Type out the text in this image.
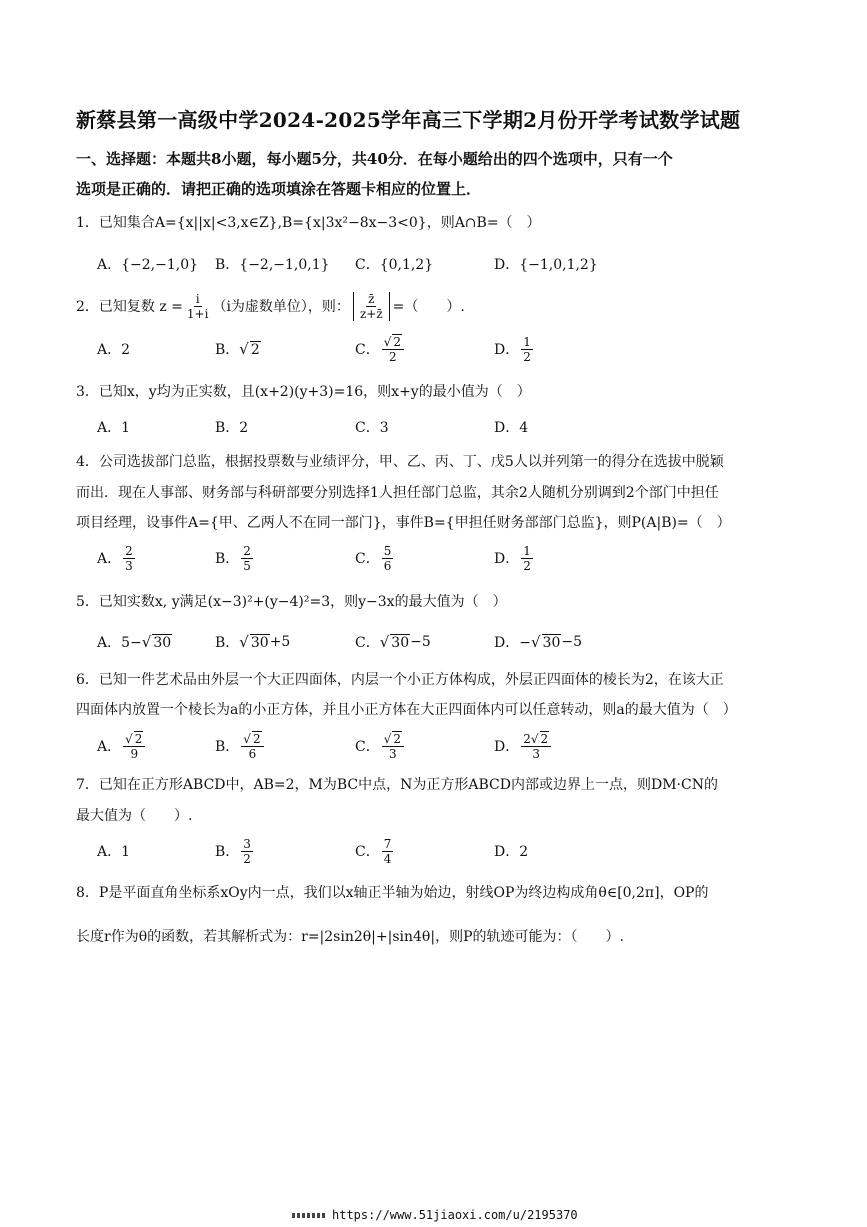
新蔡县第一高级中学2024-2025学年高三下学期2月份开学考试数学试题
一、选择题：本题共8小题，每小题5分，共40分．在每小题给出的四个选项中，只有一个
选项是正确的．请把正确的选项填涂在答题卡相应的位置上．
1．已知集合A={x||x|<3,x∈Z},B={x|3x²−8x−3<0}，则A∩B=（　）
A．{−2,−1,0} B．{−2,−1,0,1} C．{0,1,2}	D．{−1,0,1,2}
2．已知复数 $z = \frac{i}{1+i} (i$为虚数单位），则： $\frac{z̄}{z+z̄}$ =（　　）.
A．2	B． √ 2	C． $\frac{√ 2}{2}$	D． $\frac{1}{2}$
3．已知x，y均为正实数，且(x+2)(y+3)=16，则x+y的最小值为（　）
A．1	B．2	C．3	D．4
4．公司选拔部门总监，根据投票数与业绩评分，甲、乙、丙、丁、戊5人以并列第一的得分在选拔中脱颖
而出．现在人事部、财务部与科研部要分别选择1人担任部门总监，其余2人随机分别调到2个部门中担任
项目经理，设事件A={甲、乙两人不在同一部门}，事件B={甲担任财务部部门总监}，则P(A|B)=（　）
A． $\frac{2}{3}$	B． $\frac{2}{5}$	C． $\frac{5}{6}$	D． $\frac{1}{2}$
5．已知实数x, y满足(x−3)²+(y−4)²=3，则y−3x的最大值为（　）
A．5− √ 30	B． √ 30 +5	C． √ 30 −5	D．− √ 30 −5
6．已知一件艺术品由外层一个大正四面体，内层一个小正方体构成，外层正四面体的棱长为2，在该大正
四面体内放置一个棱长为a的小正方体，并且小正方体在大正四面体内可以任意转动，则a的最大值为（　）
A． $\frac{√ 2}{9}$	B． $\frac{√ 2}{6}$	C． $\frac{√ 2}{3}$	D． $\frac{2√ 2}{3}$
7．已知在正方形ABCD中，AB=2，M为BC中点，N为正方形ABCD内部或边界上一点，则DM·CN的
最大值为（　　）.
A．1	B． $\frac{3}{2}$	C． $\frac{7}{4}$	D．2
8．P是平面直角坐标系xOy内一点，我们以x轴正半轴为始边，射线OP为终边构成角θ∈[0,2π]，OP的
长度r作为θ的函数，若其解析式为：r=|2sin2θ|+|sin4θ|，则P的轨迹可能为：（　　）.
https://www.51jiaoxi.com/u/2195370
